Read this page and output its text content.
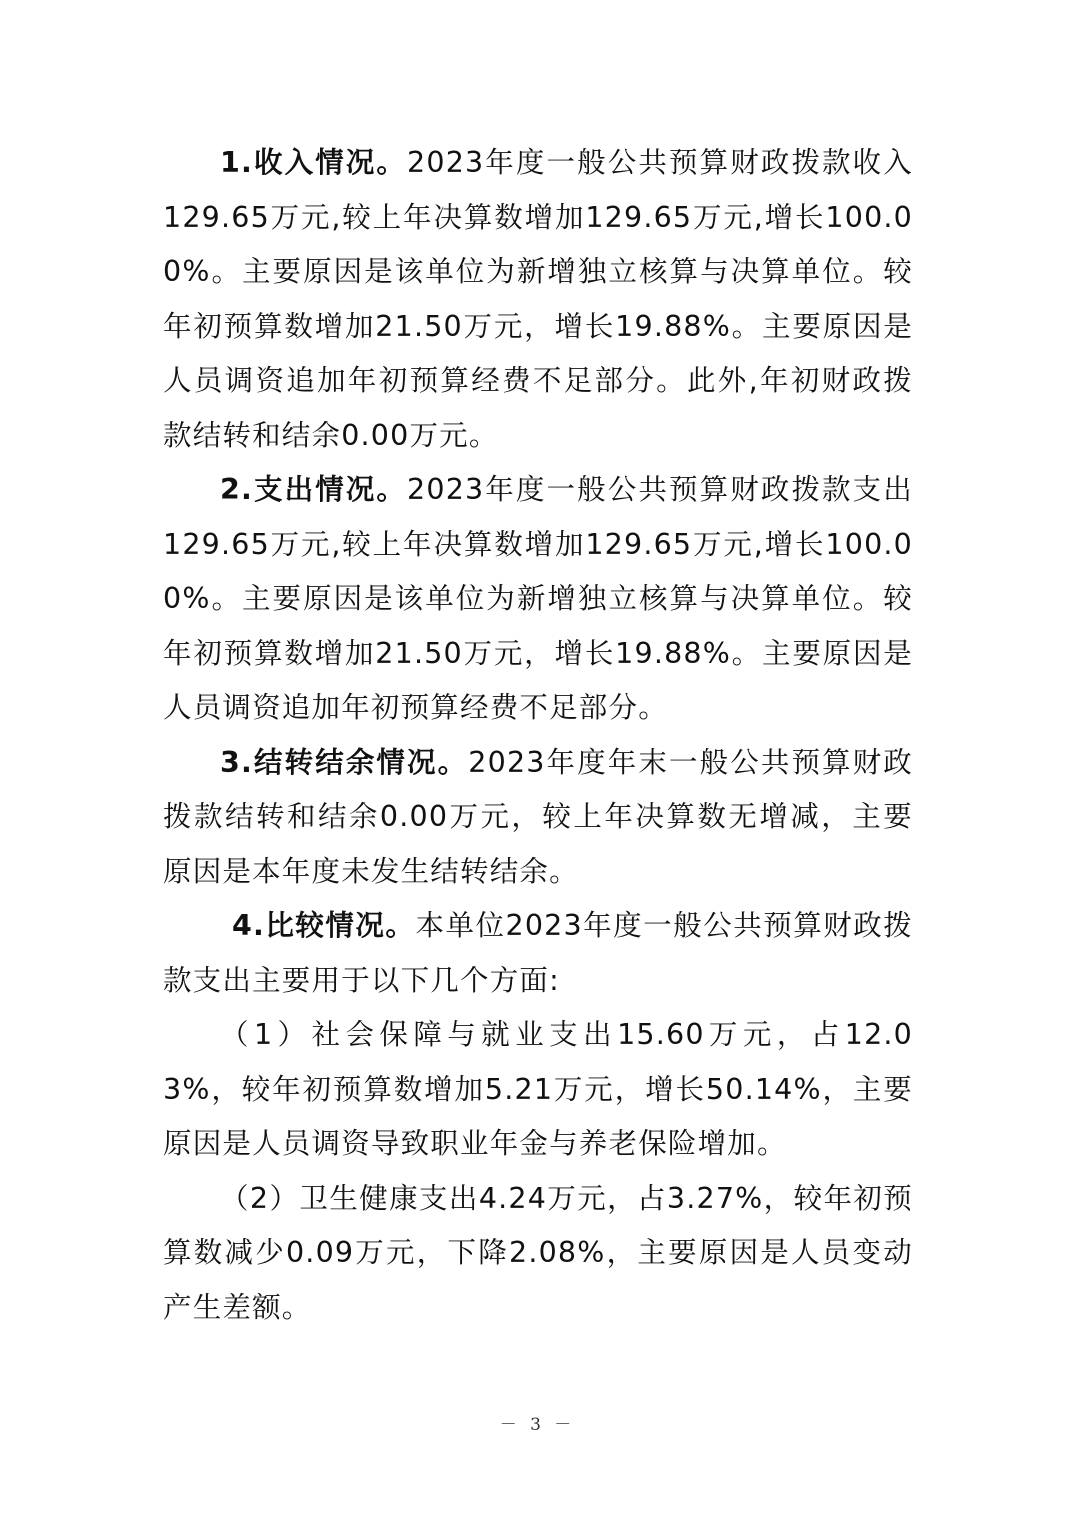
1.收入情况。2023年度一般公共预算财政拨款收入129.65万元,较上年决算数增加129.65万元,增长100.00%。主要原因是该单位为新增独立核算与决算单位。较年初预算数增加21.50万元，增长19.88%。主要原因是人员调资追加年初预算经费不足部分。此外,年初财政拨款结转和结余0.00万元。

2.支出情况。2023年度一般公共预算财政拨款支出129.65万元,较上年决算数增加129.65万元,增长100.00%。主要原因是该单位为新增独立核算与决算单位。较年初预算数增加21.50万元，增长19.88%。主要原因是人员调资追加年初预算经费不足部分。

3.结转结余情况。2023年度年末一般公共预算财政拨款结转和结余0.00万元，较上年决算数无增减，主要原因是本年度未发生结转结余。

4.比较情况。本单位2023年度一般公共预算财政拨款支出主要用于以下几个方面:

（1）社会保障与就业支出15.60万元，占12.03%，较年初预算数增加5.21万元，增长50.14%，主要原因是人员调资导致职业年金与养老保险增加。

（2）卫生健康支出4.24万元，占3.27%，较年初预算数减少0.09万元，下降2.08%，主要原因是人员变动产生差额。

－ 3 －
